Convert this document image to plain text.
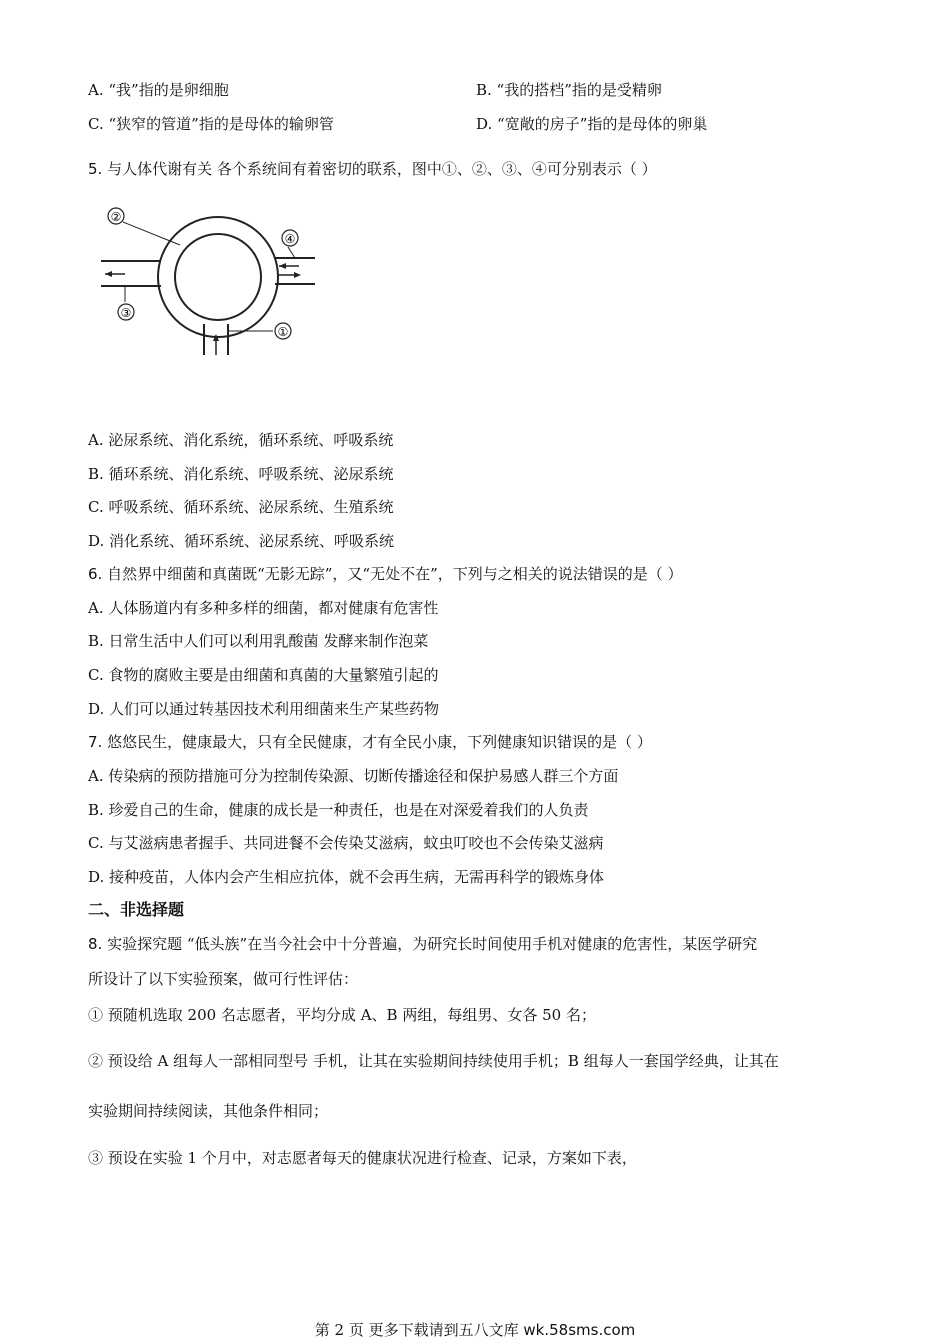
A. “我”指的是卵细胞	B. “我的搭档”指的是受精卵
C. “狭窄的管道”指的是母体的输卵管	D. “宽敞的房子”指的是母体的卵巢
5. 与人体代谢有关 各个系统间有着密切的联系，图中①、②、③、④可分别表示（ ）
②
④
③
①
A. 泌尿系统、消化系统，循环系统、呼吸系统
B. 循环系统、消化系统、呼吸系统、泌尿系统
C. 呼吸系统、循环系统、泌尿系统、生殖系统
D. 消化系统、循环系统、泌尿系统、呼吸系统
6. 自然界中细菌和真菌既“无影无踪”，又“无处不在”，下列与之相关的说法错误的是（ ）
A. 人体肠道内有多种多样的细菌，都对健康有危害性
B. 日常生活中人们可以利用乳酸菌 发酵来制作泡菜
C. 食物的腐败主要是由细菌和真菌的大量繁殖引起的
D. 人们可以通过转基因技术利用细菌来生产某些药物
7. 悠悠民生，健康最大，只有全民健康，才有全民小康，下列健康知识错误的是（ ）
A. 传染病的预防措施可分为控制传染源、切断传播途径和保护易感人群三个方面
B. 珍爱自己的生命，健康的成长是一种责任，也是在对深爱着我们的人负责
C. 与艾滋病患者握手、共同进餐不会传染艾滋病，蚊虫叮咬也不会传染艾滋病
D. 接种疫苗，人体内会产生相应抗体，就不会再生病，无需再科学的锻炼身体
二、非选择题
8. 实验探究题 “低头族”在当今社会中十分普遍，为研究长时间使用手机对健康的危害性，某医学研究
所设计了以下实验预案，做可行性评估：
① 预随机选取 200 名志愿者，平均分成 A、B 两组，每组男、女各 50 名；
② 预设给 A 组每人一部相同型号 手机，让其在实验期间持续使用手机；B 组每人一套国学经典，让其在
实验期间持续阅读，其他条件相同；
③ 预设在实验 1 个月中，对志愿者每天的健康状况进行检查、记录，方案如下表，
第 2 页 更多下载请到五八文库 wk.58sms.com
